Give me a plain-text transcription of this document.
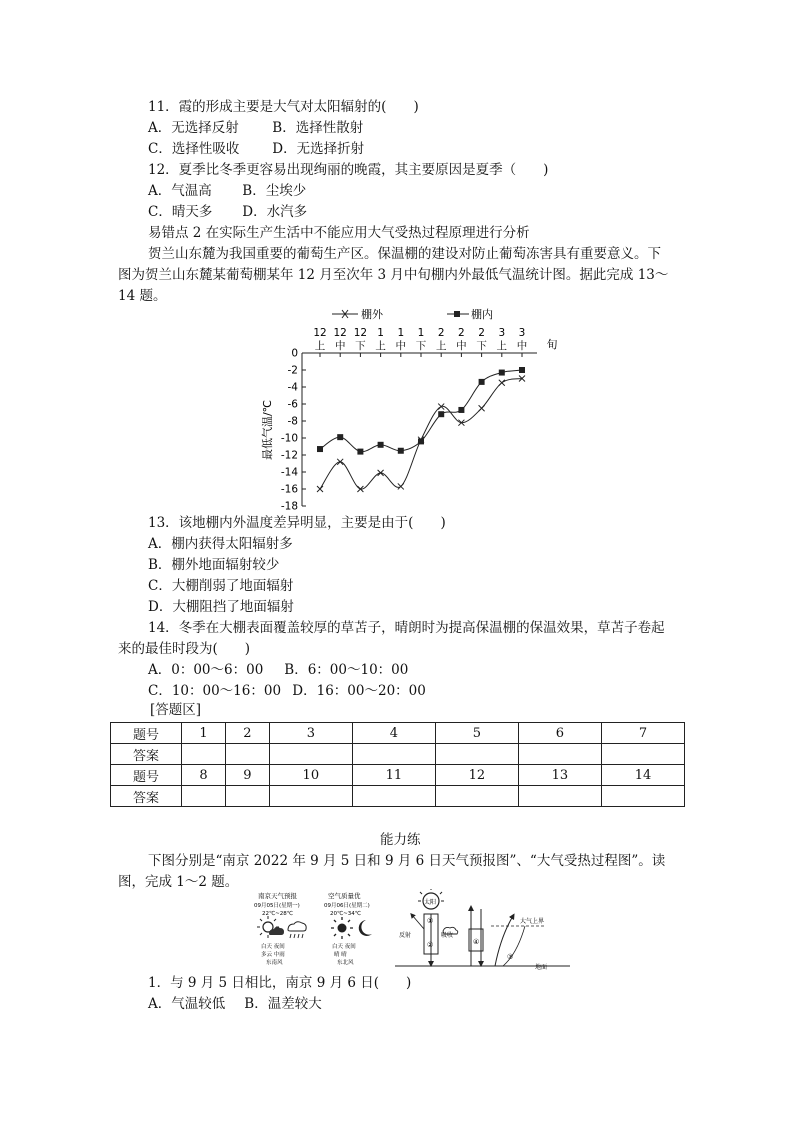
11．霞的形成主要是大气对太阳辐射的(　　)
A．无选择反射 B．选择性散射
C．选择性吸收 D．无选择折射
12．夏季比冬季更容易出现绚丽的晚霞，其主要原因是夏季（　　)
A．气温高 B．尘埃少
C．晴天多 D．水汽多
易错点 2 在实际生产生活中不能应用大气受热过程原理进行分析
贺兰山东麓为我国重要的葡萄生产区。保温棚的建设对防止葡萄冻害具有重要意义。下
图为贺兰山东麓某葡萄棚某年 12 月至次年 3 月中旬棚内外最低气温统计图。据此完成 13～
14 题。
棚外	棚内
0
-2
-4
-6
-8
-10
-12
-14
-16
-18
最低气温/℃
12
上
12
中
12
下
1
上
1
中
1
下
2
上
2
中
2
下
3
上
3
中 旬
13．该地棚内外温度差异明显，主要是由于(　　)
A．棚内获得太阳辐射多
B．棚外地面辐射较少
C．大棚削弱了地面辐射
D．大棚阻挡了地面辐射
14．冬季在大棚表面覆盖较厚的草苫子，晴朗时为提高保温棚的保温效果，草苫子卷起
来的最佳时段为(　　)
A．0：00～6：00 B．6：00～10：00
C．10：00～16：00 D．16：00～20：00
[答题区]
题号	1	2	3	4	5	6	7
答案							
题号	8	9	10	11	12	13	14
答案							
能力练
下图分别是“南京 2022 年 9 月 5 日和 9 月 6 日天气预报图”、“大气受热过程图”。读
图，完成 1～2 题。
南京天气预报	空气质量优
09月05日(星期一)
22℃~28℃
09月06日(星期二)
20℃~34℃
白天 夜间
多云 中雨
东南风
白天 夜间
晴 晴
东北风
地面
大气上界
太阳
①
②
反射	吸收
④
③
1．与 9 月 5 日相比，南京 9 月 6 日(　　)
A．气温较低 B．温差较大
